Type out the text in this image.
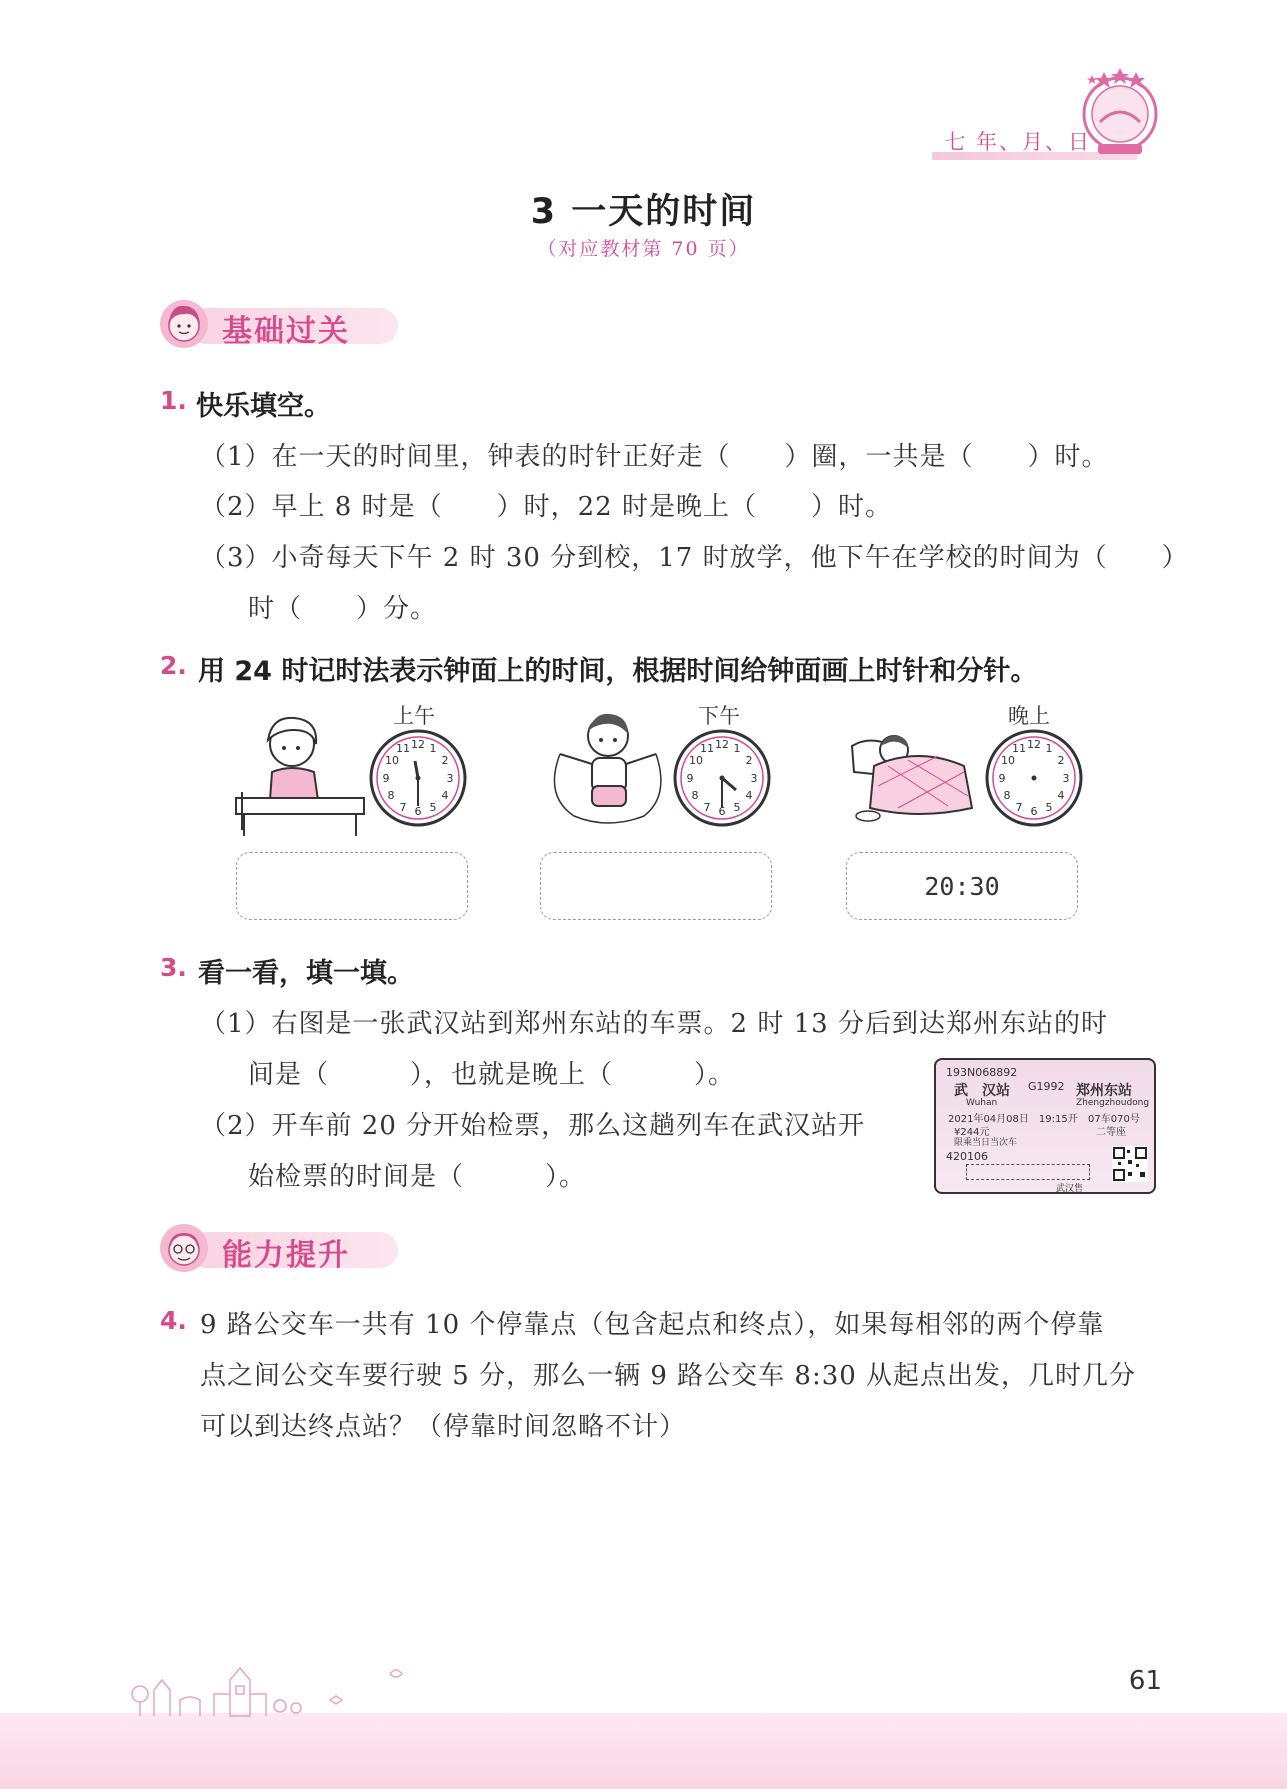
七 年、月、日
3 一天的时间
（对应教材第 70 页）
基础过关
1. 快乐填空。
（1）在一天的时间里，钟表的时针正好走（　　）圈，一共是（　　）时。
（2）早上 8 时是（　　）时，22 时是晚上（　　）时。
（3）小奇每天下午 2 时 30 分到校，17 时放学，他下午在学校的时间为（　　）
时（　　）分。
2. 用 24 时记时法表示钟面上的时间，根据时间给钟面画上时针和分针。
上午
12 1
2
3
4
5
6
7
8
9
10
11
下午
12 1
2
3
4
5
6
7
8
9
10
11
晚上
12 1
2
3
4
5
6
7
8
9
10
11
20:30
3. 看一看，填一填。
（1）右图是一张武汉站到郑州东站的车票。2 时 13 分后到达郑州东站的时
间是（　　　），也就是晚上（　　　）。
（2）开车前 20 分开始检票，那么这趟列车在武汉站开
始检票的时间是（　　　）。
193N068892
武　汉站 G1992 郑州东站
Wuhan	Zhengzhoudong
2021年04月08日　19:15开 07车070号
¥244元	二等座
限乘当日当次车
420106
武汉售
能力提升
4. 9 路公交车一共有 10 个停靠点（包含起点和终点），如果每相邻的两个停靠
点之间公交车要行驶 5 分，那么一辆 9 路公交车 8:30 从起点出发，几时几分
可以到达终点站？（停靠时间忽略不计）
61
